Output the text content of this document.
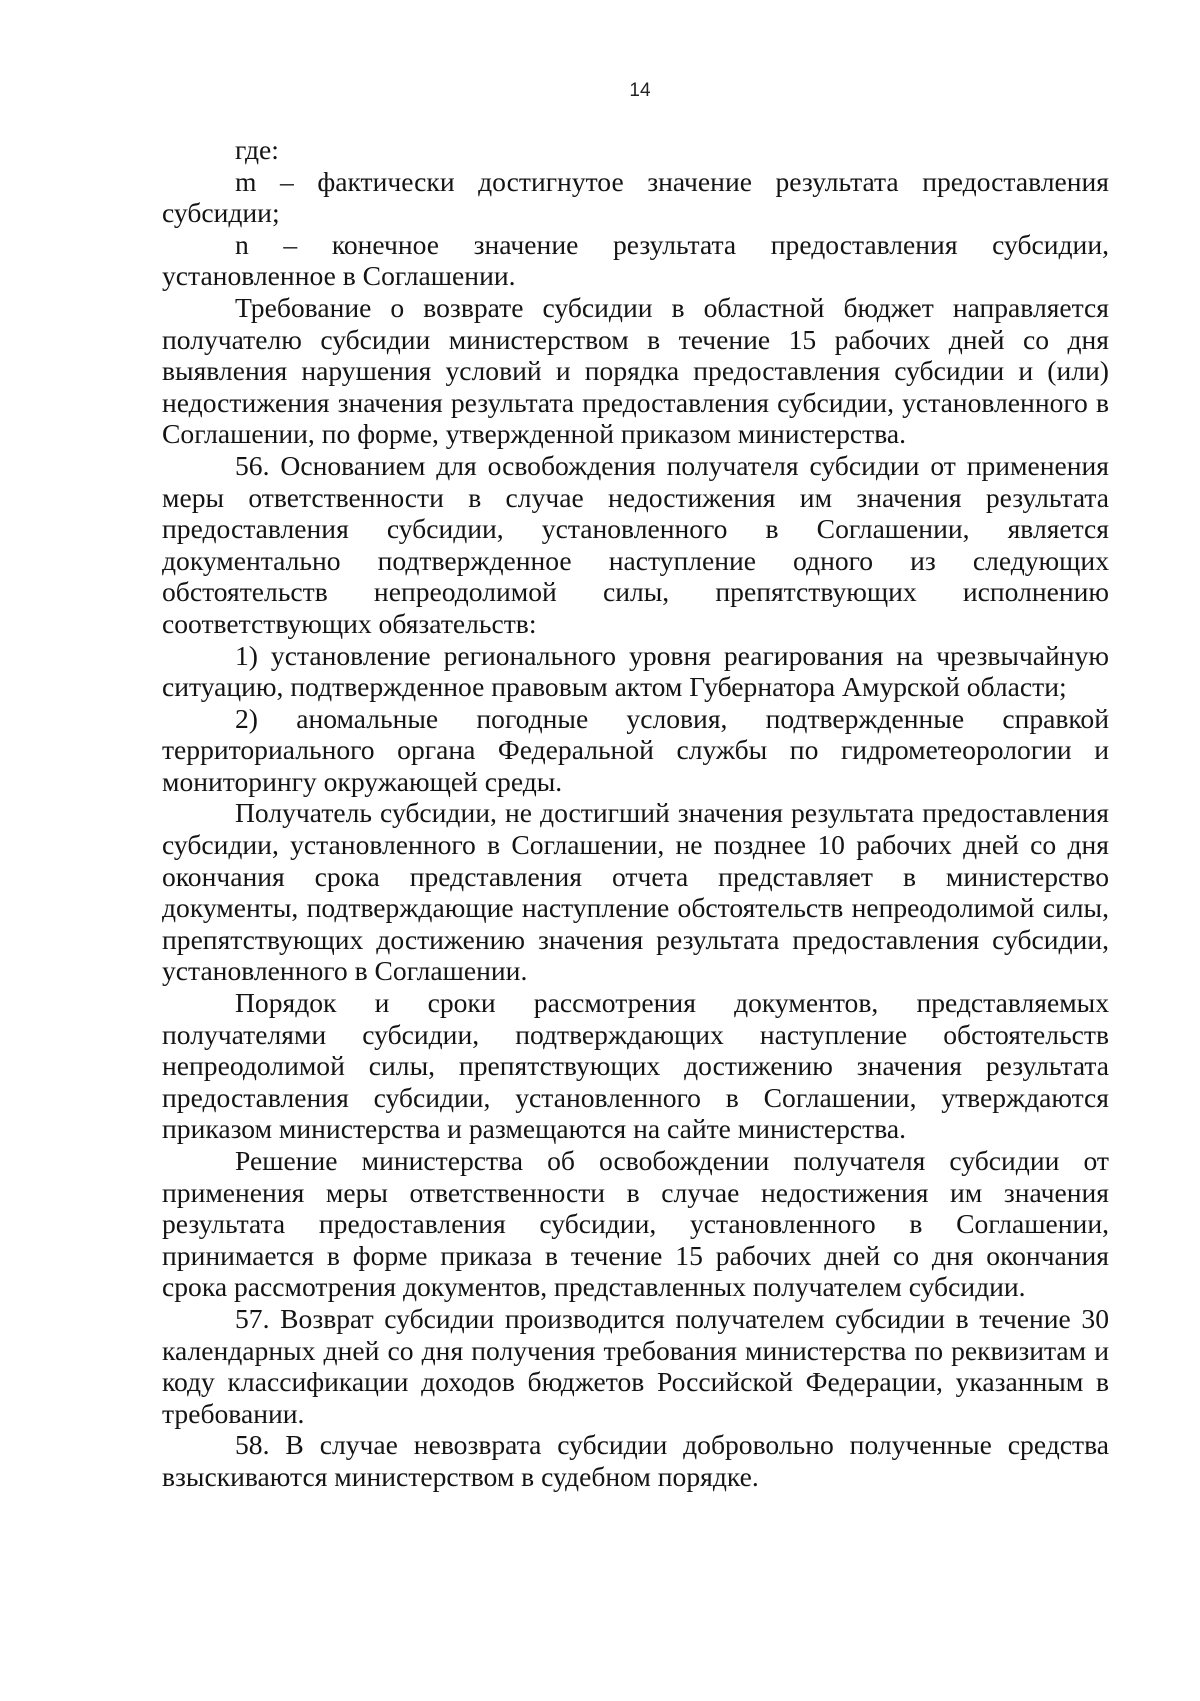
14

где:

m – фактически достигнутое значение результата предоставления субсидии;

n – конечное значение результата предоставления субсидии, установленное в Соглашении.

Требование о возврате субсидии в областной бюджет направляется получателю субсидии министерством в течение 15 рабочих дней со дня выявления нарушения условий и порядка предоставления субсидии и (или) недостижения значения результата предоставления субсидии, установленного в Соглашении, по форме, утвержденной приказом министерства.

56. Основанием для освобождения получателя субсидии от применения меры ответственности в случае недостижения им значения результата предоставления субсидии, установленного в Соглашении, является документально подтвержденное наступление одного из следующих обстоятельств непреодолимой силы, препятствующих исполнению соответствующих обязательств:

1) установление регионального уровня реагирования на чрезвычайную ситуацию, подтвержденное правовым актом Губернатора Амурской области;

2) аномальные погодные условия, подтвержденные справкой территориального органа Федеральной службы по гидрометеорологии и мониторингу окружающей среды.

Получатель субсидии, не достигший значения результата предоставления субсидии, установленного в Соглашении, не позднее 10 рабочих дней со дня окончания срока представления отчета представляет в министерство документы, подтверждающие наступление обстоятельств непреодолимой силы, препятствующих достижению значения результата предоставления субсидии, установленного в Соглашении.

Порядок и сроки рассмотрения документов, представляемых получателями субсидии, подтверждающих наступление обстоятельств непреодолимой силы, препятствующих достижению значения результата предоставления субсидии, установленного в Соглашении, утверждаются приказом министерства и размещаются на сайте министерства.

Решение министерства об освобождении получателя субсидии от применения меры ответственности в случае недостижения им значения результата предоставления субсидии, установленного в Соглашении, принимается в форме приказа в течение 15 рабочих дней со дня окончания срока рассмотрения документов, представленных получателем субсидии.

57. Возврат субсидии производится получателем субсидии в течение 30 календарных дней со дня получения требования министерства по реквизитам и коду классификации доходов бюджетов Российской Федерации, указанным в требовании.

58. В случае невозврата субсидии добровольно полученные средства взыскиваются министерством в судебном порядке.
